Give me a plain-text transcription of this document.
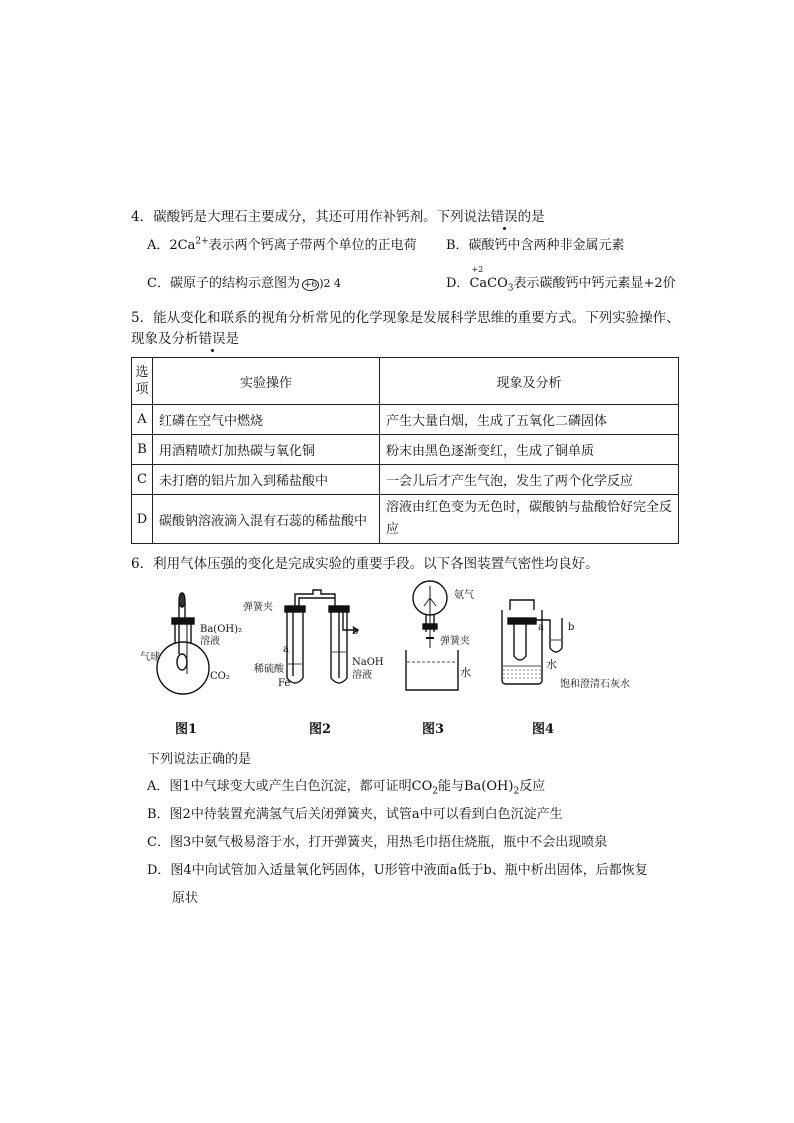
4．碳酸钙是大理石主要成分，其还可用作补钙剂。下列说法错误的是
A．$2Ca^{2+}$表示两个钙离子带两个单位的正电荷 B．碳酸钙中含两种非金属元素
C．碳原子的结构示意图为 +6 )2 4	D．Ca
+2
$CO_3$表示碳酸钙中钙元素显+2价
5．能从变化和联系的视角分析常见的化学现象是发展科学思维的重要方式。下列实验操作、
现象及分析错误是
选项	实验操作	现象及分析
A	红磷在空气中燃烧	产生大量白烟，生成了五氧化二磷固体
B	用酒精喷灯加热碳与氧化铜	粉末由黑色逐渐变红，生成了铜单质
C	未打磨的铝片加入到稀盐酸中	一会儿后才产生气泡，发生了两个化学反应
D	碳酸钠溶液滴入混有石蕊的稀盐酸中	溶液由红色变为无色时，碳酸钠与盐酸恰好完全反应
6．利用气体压强的变化是完成实验的重要手段。以下各图装置气密性均良好。
气球
Ba(OH)₂
溶液
CO₂
图1
弹簧夹
a
b
稀硫酸
Fe
NaOH
溶液
图2
氨气
弹簧夹
水
图3
a b
水
饱和澄清石灰水
图4
下列说法正确的是
A．图1中气球变大或产生白色沉淀，都可证明$CO_2$能与$Ba(OH)_2$反应
B．图2中待装置充满氢气后关闭弹簧夹，试管a中可以看到白色沉淀产生
C．图3中氨气极易溶于水，打开弹簧夹，用热毛巾捂住烧瓶，瓶中不会出现喷泉
D．图4中向试管加入适量氧化钙固体，U形管中液面a低于b、瓶中析出固体，后都恢复
原状
